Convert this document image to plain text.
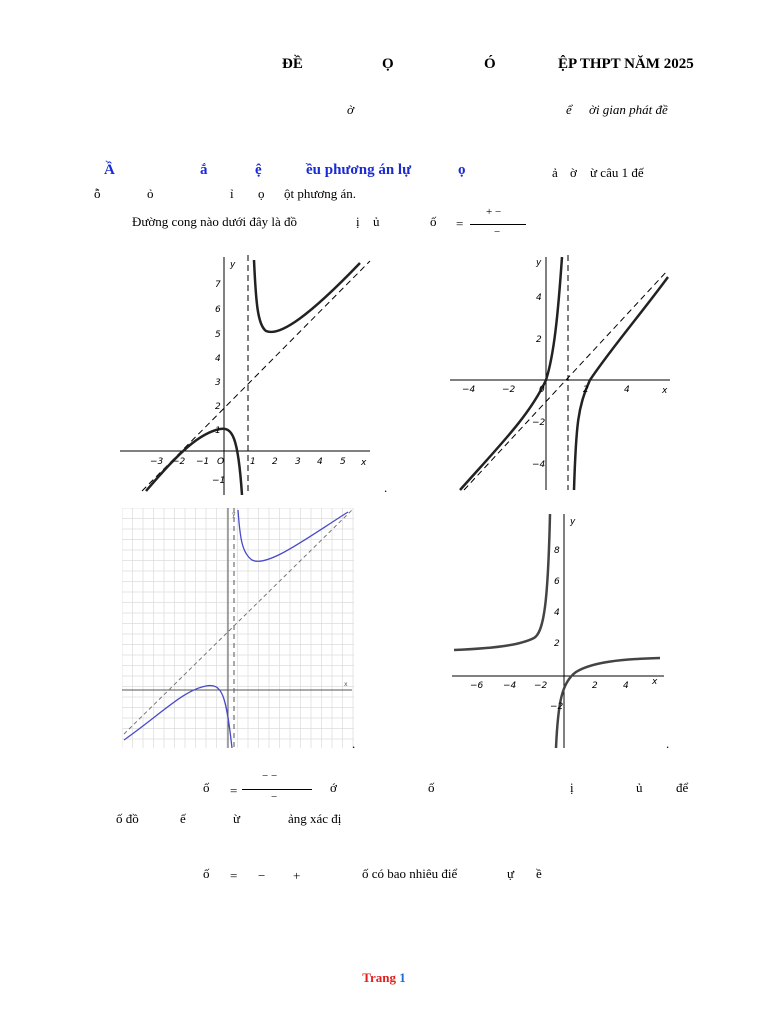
ĐỀ	Ọ	Ó	ỆP THPT NĂM 2025
ờ	ể ời gian phát đề
Ầ	ắ	ệ	ều phương án lự	ọ	ả ờ ừ câu 1 đế
ỗ	ỏ	ỉ ọ ột phương án.
Đường cong nào dưới đây là đồ	ị ủ	ố =
+ −
−
y
x
−3 −2 −1 O	1 2 3 4 5
7
6
5
4
3
2
1
−1	.
y
x
−4	−2	0	2	4
4
2
−2
−4
y
x
.
y
x
−6 −4 −2	2	4
8
6
4
2
−2
.
ố =
− −
−
ớ	ố	ị	ủ	để
ố đồ	ế	ừ	ảng xác đị
ố = − +	ố có bao nhiêu điể	ự ề
Trang 1
